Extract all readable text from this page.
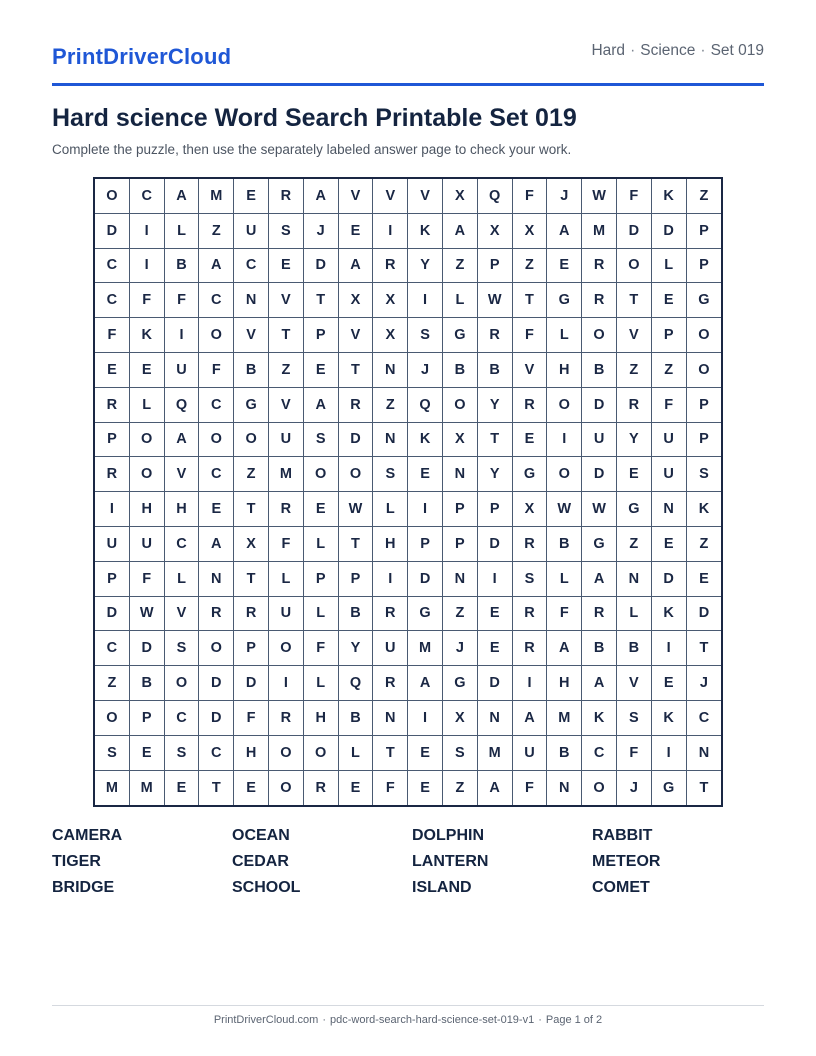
PrintDriverCloud	Hard · Science · Set 019
Hard science Word Search Printable Set 019
Complete the puzzle, then use the separately labeled answer page to check your work.
O	C	A	M	E	R	A	V	V	V	X	Q	F	J	W	F	K	Z
D	I	L	Z	U	S	J	E	I	K	A	X	X	A	M	D	D	P
C	I	B	A	C	E	D	A	R	Y	Z	P	Z	E	R	O	L	P
C	F	F	C	N	V	T	X	X	I	L	W	T	G	R	T	E	G
F	K	I	O	V	T	P	V	X	S	G	R	F	L	O	V	P	O
E	E	U	F	B	Z	E	T	N	J	B	B	V	H	B	Z	Z	O
R	L	Q	C	G	V	A	R	Z	Q	O	Y	R	O	D	R	F	P
P	O	A	O	O	U	S	D	N	K	X	T	E	I	U	Y	U	P
R	O	V	C	Z	M	O	O	S	E	N	Y	G	O	D	E	U	S
I	H	H	E	T	R	E	W	L	I	P	P	X	W	W	G	N	K
U	U	C	A	X	F	L	T	H	P	P	D	R	B	G	Z	E	Z
P	F	L	N	T	L	P	P	I	D	N	I	S	L	A	N	D	E
D	W	V	R	R	U	L	B	R	G	Z	E	R	F	R	L	K	D
C	D	S	O	P	O	F	Y	U	M	J	E	R	A	B	B	I	T
Z	B	O	D	D	I	L	Q	R	A	G	D	I	H	A	V	E	J
O	P	C	D	F	R	H	B	N	I	X	N	A	M	K	S	K	C
S	E	S	C	H	O	O	L	T	E	S	M	U	B	C	F	I	N
M	M	E	T	E	O	R	E	F	E	Z	A	F	N	O	J	G	T
CAMERA	OCEAN	DOLPHIN	RABBIT
TIGER	CEDAR	LANTERN	METEOR
BRIDGE	SCHOOL	ISLAND	COMET
PrintDriverCloud.com · pdc-word-search-hard-science-set-019-v1 · Page 1 of 2
